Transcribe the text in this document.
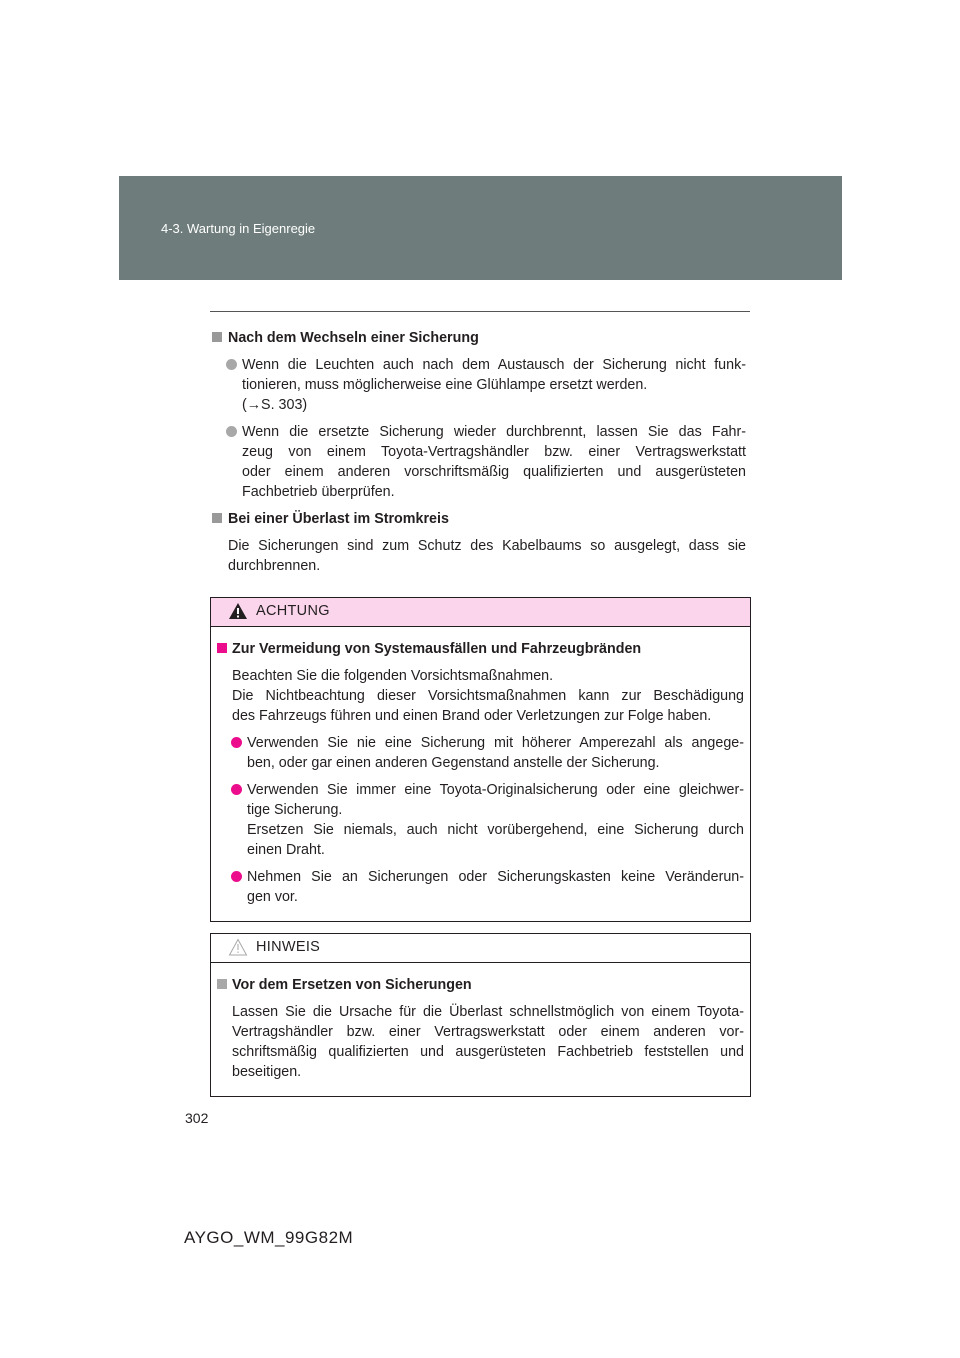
4-3. Wartung in Eigenregie
Nach dem Wechseln einer Sicherung
Wenn die Leuchten auch nach dem Austausch der Sicherung nicht funk-
tionieren, muss möglicherweise eine Glühlampe ersetzt werden.
(→S. 303)
Wenn die ersetzte Sicherung wieder durchbrennt, lassen Sie das Fahr-
zeug von einem Toyota-Vertragshändler bzw. einer Vertragswerkstatt
oder einem anderen vorschriftsmäßig qualifizierten und ausgerüsteten
Fachbetrieb überprüfen.
Bei einer Überlast im Stromkreis
Die Sicherungen sind zum Schutz des Kabelbaums so ausgelegt, dass sie
durchbrennen.
ACHTUNG
Zur Vermeidung von Systemausfällen und Fahrzeugbränden
Beachten Sie die folgenden Vorsichtsmaßnahmen.
Die Nichtbeachtung dieser Vorsichtsmaßnahmen kann zur Beschädigung
des Fahrzeugs führen und einen Brand oder Verletzungen zur Folge haben.
Verwenden Sie nie eine Sicherung mit höherer Amperezahl als angege-
ben, oder gar einen anderen Gegenstand anstelle der Sicherung.
Verwenden Sie immer eine Toyota-Originalsicherung oder eine gleichwer-
tige Sicherung.
Ersetzen Sie niemals, auch nicht vorübergehend, eine Sicherung durch
einen Draht.
Nehmen Sie an Sicherungen oder Sicherungskasten keine Veränderun-
gen vor.
HINWEIS
Vor dem Ersetzen von Sicherungen
Lassen Sie die Ursache für die Überlast schnellstmöglich von einem Toyota-
Vertragshändler bzw. einer Vertragswerkstatt oder einem anderen vor-
schriftsmäßig qualifizierten und ausgerüsteten Fachbetrieb feststellen und
beseitigen.
302
AYGO_WM_99G82M
